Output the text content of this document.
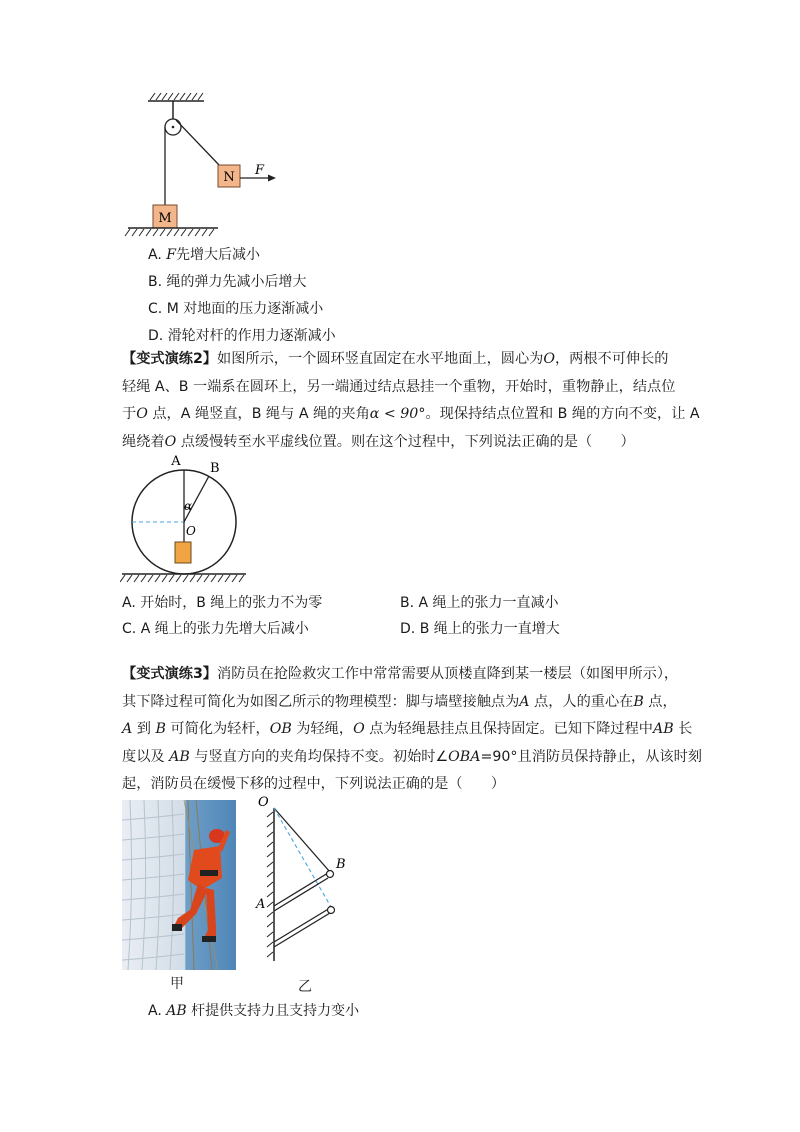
N F
M
A. F先增大后减小
B. 绳的弹力先减小后增大
C. M 对地面的压力逐渐减小
D. 滑轮对杆的作用力逐渐减小

【变式演练2】如图所示，一个圆环竖直固定在水平地面上，圆心为O，两根不可伸长的

轻绳 A、B 一端系在圆环上，另一端通过结点悬挂一个重物，开始时，重物静止，结点位

于O 点，A 绳竖直，B 绳与 A 绳的夹角α < 90°。现保持结点位置和 B 绳的方向不变，让 A

绳绕着O 点缓慢转至水平虚线位置。则在这个过程中，下列说法正确的是（　　）

A B
α
O
A. 开始时，B 绳上的张力不为零	B. A 绳上的张力一直减小
C. A 绳上的张力先增大后减小	D. B 绳上的张力一直增大

【变式演练3】消防员在抢险救灾工作中常常需要从顶楼直降到某一楼层（如图甲所示），

其下降过程可简化为如图乙所示的物理模型：脚与墙壁接触点为A 点，人的重心在B 点，

A 到 B 可简化为轻杆，OB 为轻绳，O 点为轻绳悬挂点且保持固定。已知下降过程中AB 长

度以及 AB 与竖直方向的夹角均保持不变。初始时∠OBA=90°且消防员保持静止，从该时刻

起，消防员在缓慢下移的过程中，下列说法正确的是（　　）

甲
O
B
A
乙
A. AB 杆提供支持力且支持力变小
